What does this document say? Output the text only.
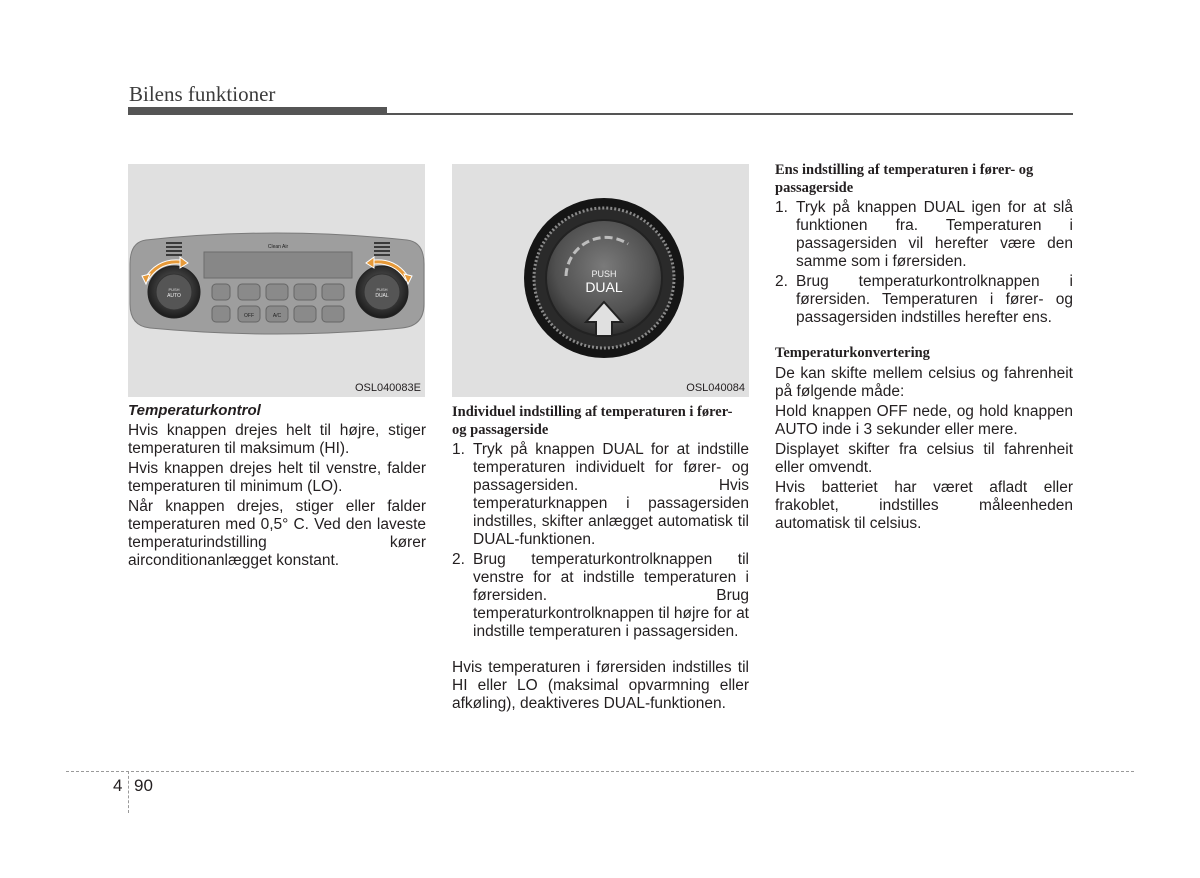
Bilens funktioner
Clean Air
OFF	A/C
PUSH
AUTO
PUSH
DUAL
OSL040083E
PUSH
DUAL
OSL040084
Temperaturkontrol

Hvis knappen drejes helt til højre, stiger temperaturen til maksimum (HI).

Hvis knappen drejes helt til venstre, falder temperaturen til minimum (LO).

Når knappen drejes, stiger eller falder temperaturen med 0,5° C. Ved den laveste temperaturindstilling kører airconditionanlægget konstant.

Individuel indstilling af temperaturen i fører- og passagerside
1. Tryk på knappen DUAL for at indstille temperaturen individuelt for fører- og passagersiden. Hvis temperaturknappen i passagersiden indstilles, skifter anlægget automatisk til DUAL-funktionen.
2. Brug temperaturkontrolknappen til venstre for at indstille temperaturen i førersiden. Brug temperaturkontrolknappen til højre for at indstille temperaturen i passagersiden.

Hvis temperaturen i førersiden indstilles til HI eller LO (maksimal opvarmning eller afkøling), deaktiveres DUAL-funktionen.

Ens indstilling af temperaturen i fører- og passagerside
1. Tryk på knappen DUAL igen for at slå funktionen fra. Temperaturen i passagersiden vil herefter være den samme som i førersiden.
2. Brug temperaturkontrolknappen i førersiden. Temperaturen i fører- og passagersiden indstilles herefter ens.
Temperaturkonvertering

De kan skifte mellem celsius og fahrenheit på følgende måde:

Hold knappen OFF nede, og hold knappen AUTO inde i 3 sekunder eller mere.

Displayet skifter fra celsius til fahrenheit eller omvendt.

Hvis batteriet har været afladt eller frakoblet, indstilles måleenheden automatisk til celsius.

4 90
